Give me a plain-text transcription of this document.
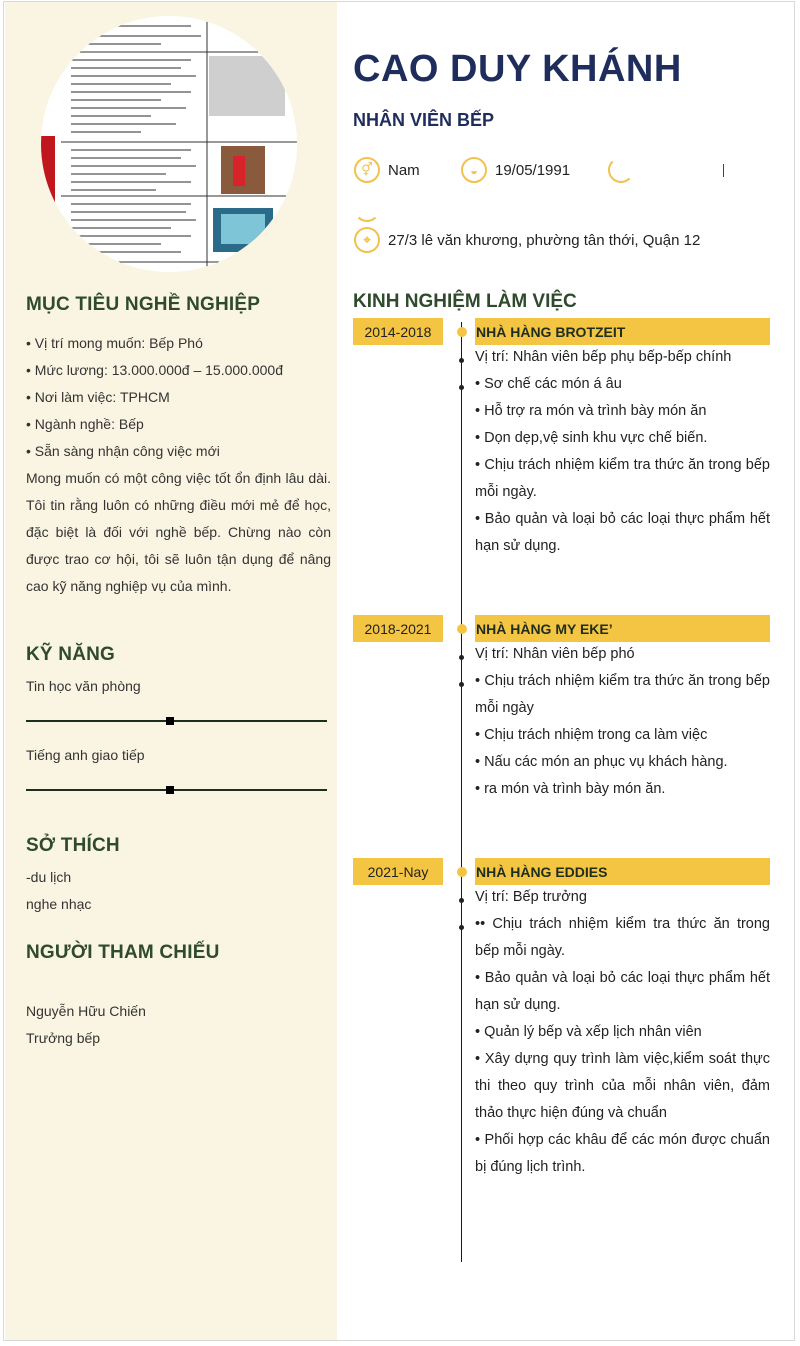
MỤC TIÊU NGHỀ NGHIỆP
• Vị trí mong muốn: Bếp Phó
• Mức lương: 13.000.000đ – 15.000.000đ
• Nơi làm việc: TPHCM
• Ngành nghề: Bếp
• Sẵn sàng nhận công việc mới
Mong muốn có một công việc tốt ổn định lâu dài. Tôi tin rằng luôn có những điều mới mẻ để học, đặc biệt là đối với nghề bếp. Chừng nào còn được trao cơ hội, tôi sẽ luôn tận dụng để nâng cao kỹ năng nghiệp vụ của mình.
KỸ NĂNG
Tin học văn phòng
Tiếng anh giao tiếp
SỞ THÍCH
-du lịch
nghe nhạc
NGƯỜI THAM CHIẾU
Nguyễn Hữu Chiến
Trưởng bếp
CAO DUY KHÁNH
NHÂN VIÊN BẾP
⚥	Nam	◒	19/05/1991
⌖	27/3 lê văn khương, phường tân thới, Quận 12
KINH NGHIỆM LÀM VIỆC
2014-2018	NHÀ HÀNG BROTZEIT
Vị trí: Nhân viên bếp phụ bếp-bếp chính
• Sơ chế các món á âu
• Hỗ trợ ra món và trình bày món ăn
• Dọn dẹp,vệ sinh khu vực chế biến.
• Chịu trách nhiệm kiểm tra thức ăn trong bếp mỗi ngày.
• Bảo quản và loại bỏ các loại thực phẩm hết hạn sử dụng.
2018-2021	NHÀ HÀNG MY EKE’
Vị trí: Nhân viên bếp phó
• Chịu trách nhiệm kiểm tra thức ăn trong bếp mỗi ngày
• Chịu trách nhiệm trong ca làm việc
• Nấu các món an phục vụ khách hàng.
• ra món và trình bày món ăn.
2021-Nay	NHÀ HÀNG EDDIES
Vị trí: Bếp trưởng
•• Chịu trách nhiệm kiểm tra thức ăn trong bếp mỗi ngày.
• Bảo quản và loại bỏ các loại thực phẩm hết hạn sử dụng.
• Quản lý bếp và xếp lịch nhân viên
• Xây dựng quy trình làm việc,kiểm soát thực thi theo quy trình của mỗi nhân viên, đảm thảo thực hiện đúng và chuẩn
• Phối hợp các khâu để các món được chuẩn bị đúng lịch trình.
